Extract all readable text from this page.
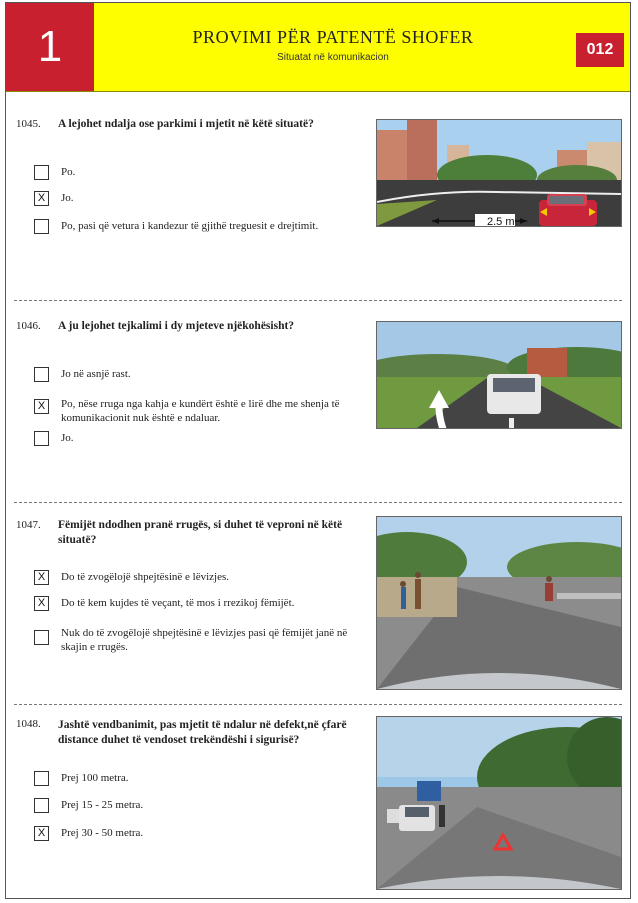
1	PROVIMI PËR PATENTË SHOFER
Situatat në komunikacion	012
1045. A lejohet ndalja ose parkimi i mjetit në këtë situatë?
Po.
X	Jo.
Po, pasi që vetura i kandezur të gjithë treguesit e drejtimit.	2.5 m
1046. A ju lejohet tejkalimi i dy mjeteve njëkohësisht?
Jo në asnjë rast.
X	Po, nëse rruga nga kahja e kundërt është e lirë dhe me shenja të komunikacionit nuk është e ndaluar.
Jo.
1047. Fëmijët ndodhen pranë rrugës, si duhet të veproni në këtë situatë?
X	Do të zvogëlojë shpejtësinë e lëvizjes.
X	Do të kem kujdes të veçant, të mos i rrezikoj fëmijët.
Nuk do të zvogëlojë shpejtësinë e lëvizjes pasi që fëmijët janë në skajin e rrugës.
1048. Jashtë vendbanimit, pas mjetit të ndalur në defekt,në çfarë distance duhet të vendoset trekëndëshi i sigurisë?
Prej 100 metra.
Prej 15 - 25 metra.
X	Prej 30 - 50 metra.
